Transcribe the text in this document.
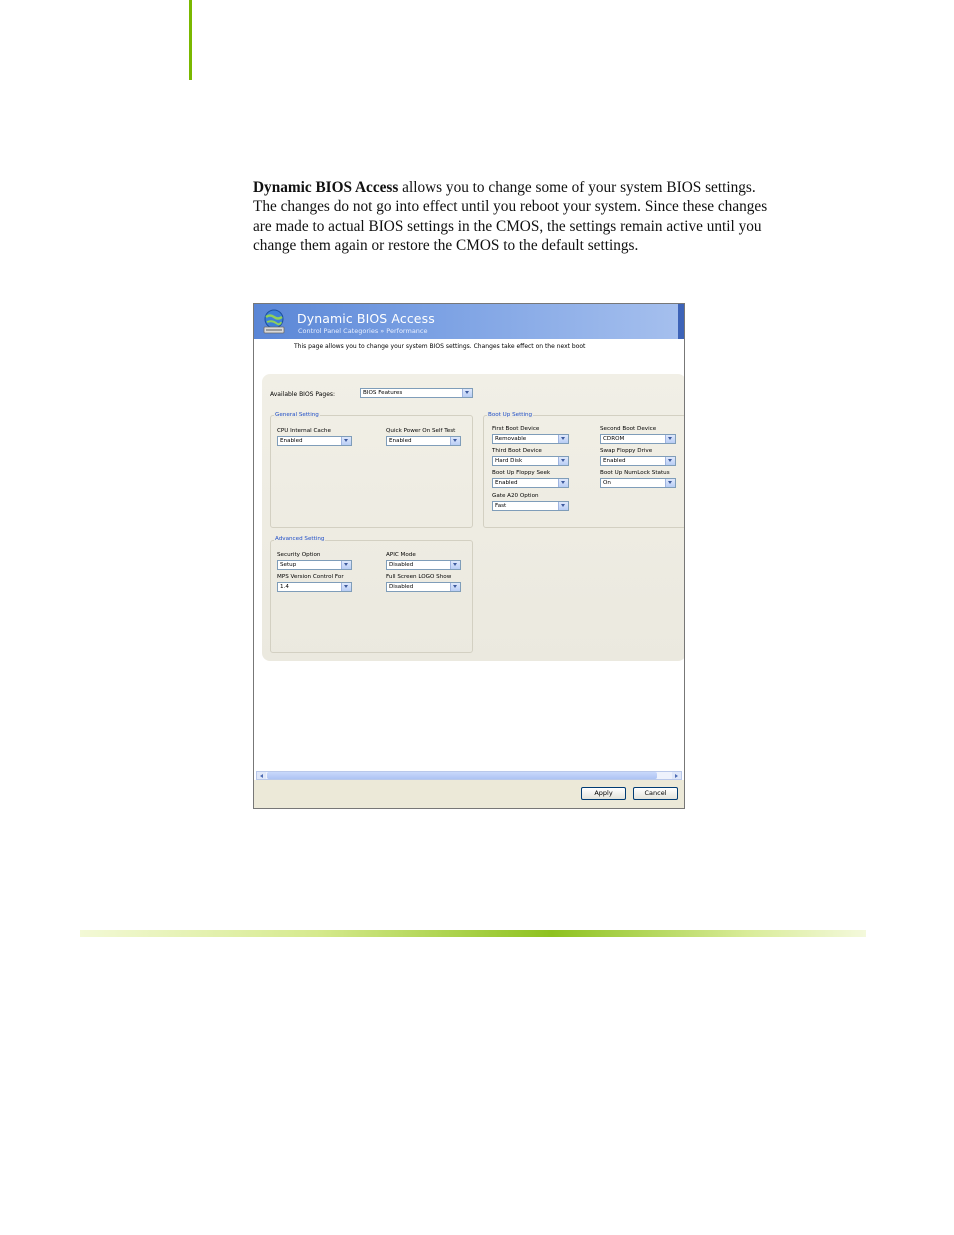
Dynamic BIOS Access allows you to change some of your system BIOS settings. The changes do not go into effect until you reboot your system. Since these changes are made to actual BIOS settings in the CMOS, the settings remain active until you change them again or restore the CMOS to the default settings.

Dynamic BIOS Access
Control Panel Categories » Performance
This page allows you to change your system BIOS settings. Changes take effect on the next boot
Available BIOS Pages:	BIOS Features
General Setting
CPU Internal Cache
Enabled
Quick Power On Self Test
Enabled
Boot Up Setting
First Boot Device
Removable
Second Boot Device
CDROM
Third Boot Device
Hard Disk
Swap Floppy Drive
Enabled
Boot Up Floppy Seek
Enabled
Boot Up NumLock Status
On
Gate A20 Option
Fast
Advanced Setting
Security Option
Setup
APIC Mode
Disabled
MPS Version Control For
1.4
Full Screen LOGO Show
Disabled
Apply	Cancel
